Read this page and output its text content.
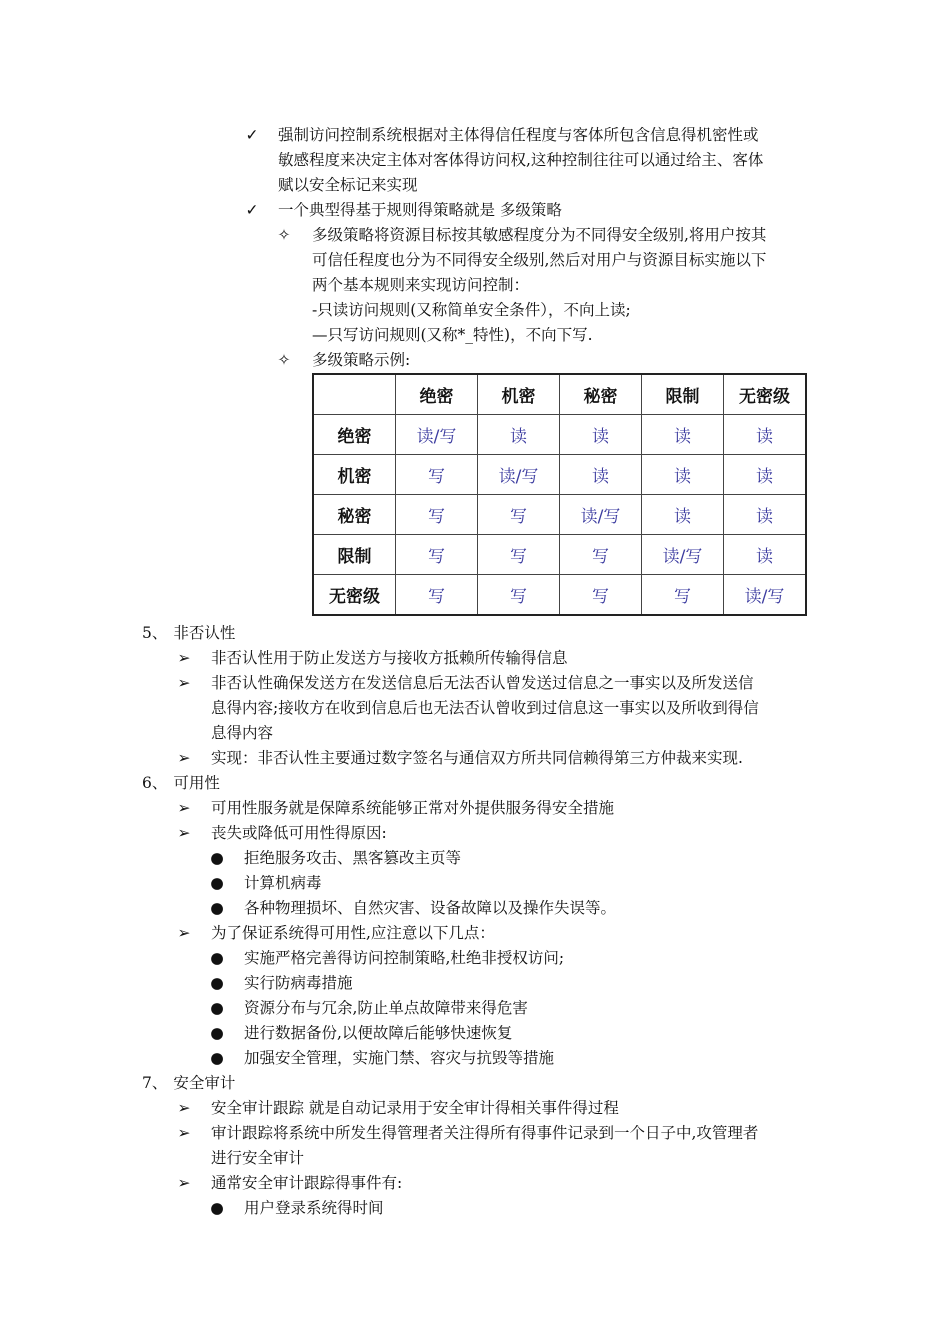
✓ 强制访问控制系统根据对主体得信任程度与客体所包含信息得机密性或
敏感程度来决定主体对客体得访问权,这种控制往往可以通过给主、客体
赋以安全标记来实现
✓ 一个典型得基于规则得策略就是 多级策略
✧ 多级策略将资源目标按其敏感程度分为不同得安全级别,将用户按其
可信任程度也分为不同得安全级别,然后对用户与资源目标实施以下
两个基本规则来实现访问控制：
-只读访问规则(又称简单安全条件），不向上读;
—只写访问规则(又称*_特性)，不向下写.
✧ 多级策略示例:
	绝密	机密	秘密	限制	无密级
绝密	读/写	读	读	读	读
机密	写	读/写	读	读	读
秘密	写	写	读/写	读	读
限制	写	写	写	读/写	读
无密级	写	写	写	写	读/写
5、 非否认性
➢ 非否认性用于防止发送方与接收方抵赖所传输得信息
➢ 非否认性确保发送方在发送信息后无法否认曾发送过信息之一事实以及所发送信
息得内容;接收方在收到信息后也无法否认曾收到过信息这一事实以及所收到得信
息得内容
➢ 实现：非否认性主要通过数字签名与通信双方所共同信赖得第三方仲裁来实现.
6、 可用性
➢ 可用性服务就是保障系统能够正常对外提供服务得安全措施
➢ 丧失或降低可用性得原因:
● 拒绝服务攻击、黑客篡改主页等
● 计算机病毒
● 各种物理损坏、自然灾害、设备故障以及操作失误等。
➢ 为了保证系统得可用性,应注意以下几点：
● 实施严格完善得访问控制策略,杜绝非授权访问;
● 实行防病毒措施
● 资源分布与冗余,防止单点故障带来得危害
● 进行数据备份,以便故障后能够快速恢复
● 加强安全管理，实施门禁、容灾与抗毁等措施
7、 安全审计
➢ 安全审计跟踪 就是自动记录用于安全审计得相关事件得过程
➢ 审计跟踪将系统中所发生得管理者关注得所有得事件记录到一个日子中,攻管理者
进行安全审计
➢ 通常安全审计跟踪得事件有:
● 用户登录系统得时间
